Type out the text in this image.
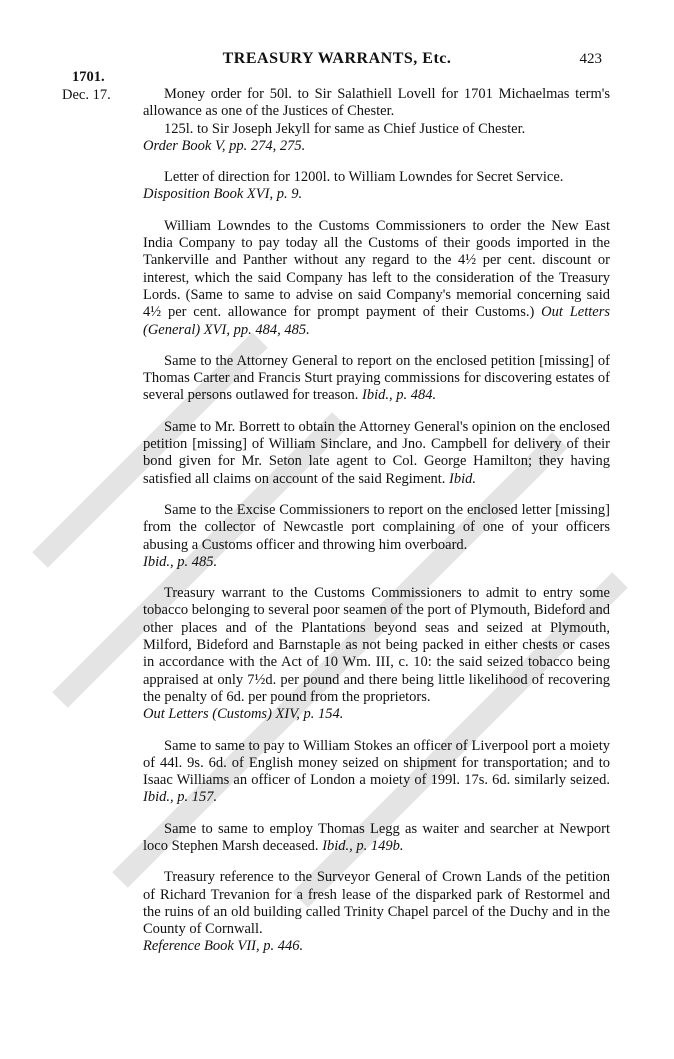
TREASURY WARRANTS, Etc.	423
1701.
Dec. 17.	Money order for 50l. to Sir Salathiell Lovell for 1701 Michaelmas term's allowance as one of the Justices of Chester.

125l. to Sir Joseph Jekyll for same as Chief Justice of Chester.
Order Book V, pp. 274, 275.

Letter of direction for 1200l. to William Lowndes for Secret Service.
Disposition Book XVI, p. 9.

William Lowndes to the Customs Commissioners to order the New East India Company to pay today all the Customs of their goods imported in the Tankerville and Panther without any regard to the 4½ per cent. discount or interest, which the said Company has left to the consideration of the Treasury Lords. (Same to same to advise on said Company's memorial concerning said 4½ per cent. allowance for prompt payment of their Customs.) Out Letters (General) XVI, pp. 484, 485.

Same to the Attorney General to report on the enclosed petition [missing] of Thomas Carter and Francis Sturt praying commissions for discovering estates of several persons outlawed for treason. Ibid., p. 484.

Same to Mr. Borrett to obtain the Attorney General's opinion on the enclosed petition [missing] of William Sinclare, and Jno. Campbell for delivery of their bond given for Mr. Seton late agent to Col. George Hamilton; they having satisfied all claims on account of the said Regiment. Ibid.

Same to the Excise Commissioners to report on the enclosed letter [missing] from the collector of Newcastle port complaining of one of your officers abusing a Customs officer and throwing him overboard.
Ibid., p. 485.

Treasury warrant to the Customs Commissioners to admit to entry some tobacco belonging to several poor seamen of the port of Plymouth, Bideford and other places and of the Plantations beyond seas and seized at Plymouth, Milford, Bideford and Barnstaple as not being packed in either chests or cases in accordance with the Act of 10 Wm. III, c. 10: the said seized tobacco being appraised at only 7½d. per pound and there being little likelihood of recovering the penalty of 6d. per pound from the proprietors.
Out Letters (Customs) XIV, p. 154.

Same to same to pay to William Stokes an officer of Liverpool port a moiety of 44l. 9s. 6d. of English money seized on shipment for transportation; and to Isaac Williams an officer of London a moiety of 199l. 17s. 6d. similarly seized. Ibid., p. 157.

Same to same to employ Thomas Legg as waiter and searcher at Newport loco Stephen Marsh deceased. Ibid., p. 149b.

Treasury reference to the Surveyor General of Crown Lands of the petition of Richard Trevanion for a fresh lease of the disparked park of Restormel and the ruins of an old building called Trinity Chapel parcel of the Duchy and in the County of Cornwall.
Reference Book VII, p. 446.
